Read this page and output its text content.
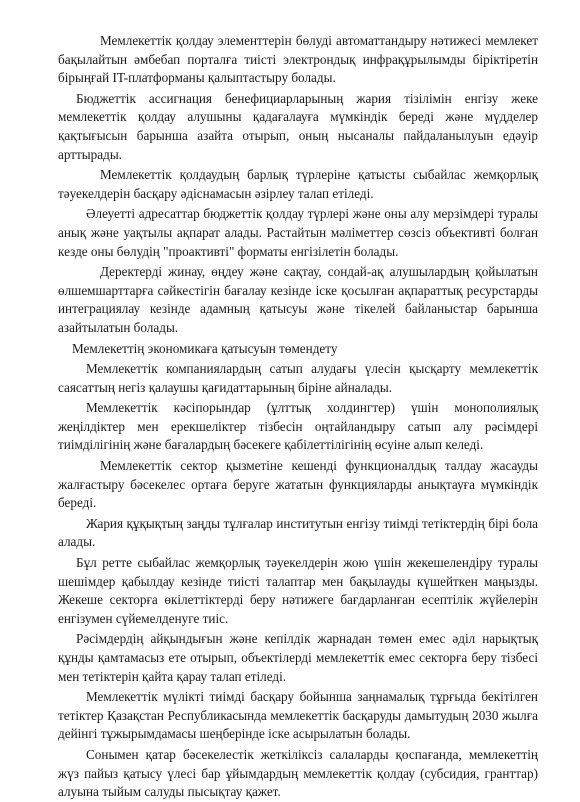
Мемлекеттік қолдау элементтерін бөлуді автоматтандыру нәтижесі мемлекет бақылайтын әмбебап порталға тиісті электрондық инфрақұрылымды біріктіретін бірыңғай IT-платформаны қалыптастыру болады.

Бюджеттік ассигнация бенефициарларының жария тізілімін енгізу жеке мемлекеттік қолдау алушыны қадағалауға мүмкіндік береді және мүдделер қақтығысын барынша азайта отырып, оның нысаналы пайдаланылуын едәуір арттырады.

Мемлекеттік қолдаудың барлық түрлеріне қатысты сыбайлас жемқорлық тәуекелдерін басқару әдіснамасын әзірлеу талап етіледі.

Әлеуетті адресаттар бюджеттік қолдау түрлері және оны алу мерзімдері туралы анық және уақтылы ақпарат алады. Растайтын мәліметтер сөзсіз объективті болған кезде оны бөлудің "проактивті" форматы енгізілетін болады.

Деректерді жинау, өңдеу және сақтау, сондай-ақ алушылардың қойылатын өлшемшарттарға сәйкестігін бағалау кезінде іске қосылған ақпараттық ресурстарды интеграциялау кезінде адамның қатысуы және тікелей байланыстар барынша азайтылатын болады.

Мемлекеттің экономикаға қатысуын төмендету

Мемлекеттік компаниялардың сатып алудағы үлесін қысқарту мемлекеттік саясаттың негіз қалаушы қағидаттарының біріне айналады.

Мемлекеттік кәсіпорындар (ұлттық холдингтер) үшін монополиялық жеңілдіктер мен ерекшеліктер тізбесін оңтайландыру сатып алу рәсімдері тиімділігінің және бағалардың бәсекеге қабілеттілігінің өсуіне алып келеді.

Мемлекеттік сектор қызметіне кешенді функционалдық талдау жасауды жалғастыру бәсекелес ортаға беруге жататын функцияларды анықтауға мүмкіндік береді.

Жария құқықтың заңды тұлғалар институтын енгізу тиімді тетіктердің бірі бола алады.

Бұл ретте сыбайлас жемқорлық тәуекелдерін жою үшін жекешелендіру туралы шешімдер қабылдау кезінде тиісті талаптар мен бақылауды күшейткен маңызды. Жекеше секторға өкілеттіктерді беру нәтижеге бағдарланған есептілік жүйелерін енгізумен сүйемелденуге тиіс.

Рәсімдердің айқындығын және кепілдік жарнадан төмен емес әділ нарықтық құнды қамтамасыз ете отырып, объектілерді мемлекеттік емес секторға беру тізбесі мен тетіктерін қайта қарау талап етіледі.

Мемлекеттік мүлікті тиімді басқару бойынша заңнамалық тұрғыда бекітілген тетіктер Қазақстан Республикасында мемлекеттік басқаруды дамытудың 2030 жылға дейінгі тұжырымдамасы шеңберінде іске асырылатын болады.

Сонымен қатар бәсекелестік жеткіліксіз салаларды қоспағанда, мемлекеттің жүз пайыз қатысу үлесі бар ұйымдардың мемлекеттік қолдау (субсидия, гранттар) алуына тыйым салуды пысықтау қажет.
